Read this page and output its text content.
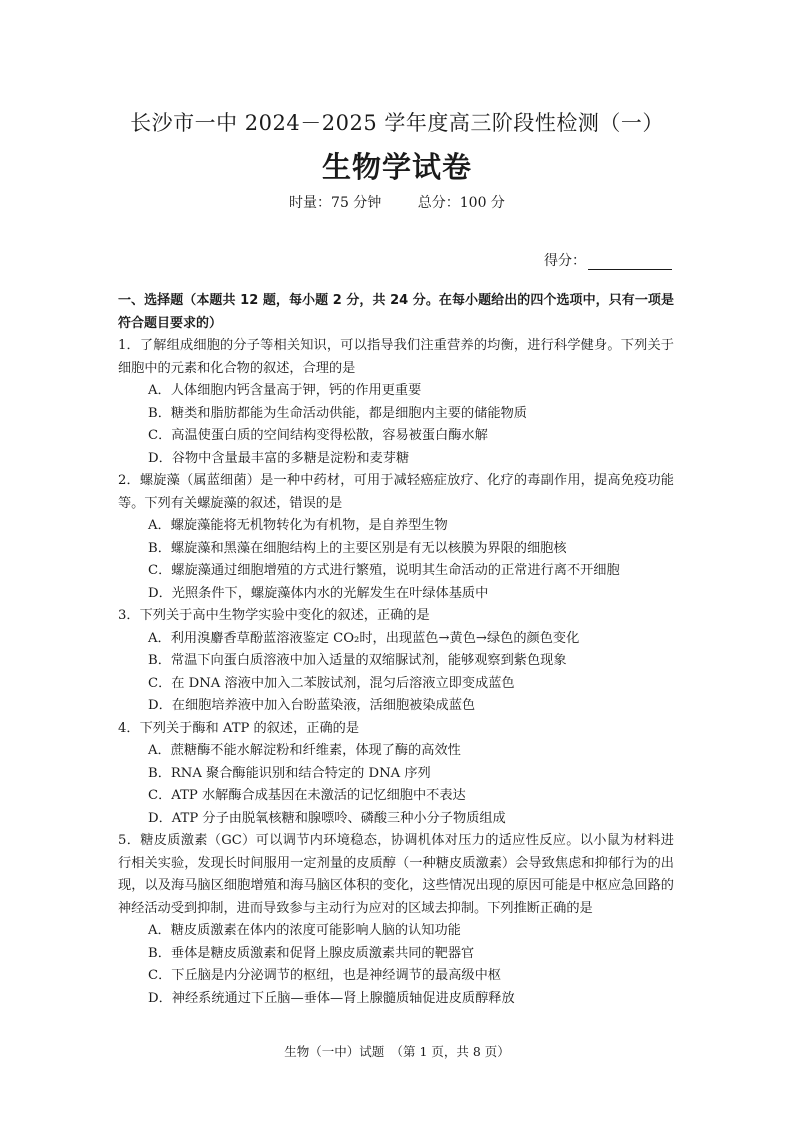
长沙市一中 2024－2025 学年度高三阶段性检测（一）
生物学试卷
时量：75 分钟	总分：100 分
得分：
一、选择题（本题共 12 题，每小题 2 分，共 24 分。在每小题给出的四个选项中，只有一项是符合题目要求的）
1．了解组成细胞的分子等相关知识，可以指导我们注重营养的均衡，进行科学健身。下列关于细胞中的元素和化合物的叙述，合理的是
A．人体细胞内钙含量高于钾，钙的作用更重要
B．糖类和脂肪都能为生命活动供能，都是细胞内主要的储能物质
C．高温使蛋白质的空间结构变得松散，容易被蛋白酶水解
D．谷物中含量最丰富的多糖是淀粉和麦芽糖
2．螺旋藻（属蓝细菌）是一种中药材，可用于减轻癌症放疗、化疗的毒副作用，提高免疫功能等。下列有关螺旋藻的叙述，错误的是
A．螺旋藻能将无机物转化为有机物，是自养型生物
B．螺旋藻和黑藻在细胞结构上的主要区别是有无以核膜为界限的细胞核
C．螺旋藻通过细胞增殖的方式进行繁殖，说明其生命活动的正常进行离不开细胞
D．光照条件下，螺旋藻体内水的光解发生在叶绿体基质中
3．下列关于高中生物学实验中变化的叙述，正确的是
A．利用溴麝香草酚蓝溶液鉴定 CO₂时，出现蓝色→黄色→绿色的颜色变化
B．常温下向蛋白质溶液中加入适量的双缩脲试剂，能够观察到紫色现象
C．在 DNA 溶液中加入二苯胺试剂，混匀后溶液立即变成蓝色
D．在细胞培养液中加入台盼蓝染液，活细胞被染成蓝色
4．下列关于酶和 ATP 的叙述，正确的是
A．蔗糖酶不能水解淀粉和纤维素，体现了酶的高效性
B．RNA 聚合酶能识别和结合特定的 DNA 序列
C．ATP 水解酶合成基因在未激活的记忆细胞中不表达
D．ATP 分子由脱氧核糖和腺嘌呤、磷酸三种小分子物质组成
5．糖皮质激素（GC）可以调节内环境稳态，协调机体对压力的适应性反应。以小鼠为材料进行相关实验，发现长时间服用一定剂量的皮质醇（一种糖皮质激素）会导致焦虑和抑郁行为的出现，以及海马脑区细胞增殖和海马脑区体积的变化，这些情况出现的原因可能是中枢应急回路的神经活动受到抑制，进而导致参与主动行为应对的区域去抑制。下列推断正确的是
A．糖皮质激素在体内的浓度可能影响人脑的认知功能
B．垂体是糖皮质激素和促肾上腺皮质激素共同的靶器官
C．下丘脑是内分泌调节的枢纽，也是神经调节的最高级中枢
D．神经系统通过下丘脑—垂体—肾上腺髓质轴促进皮质醇释放
生物（一中）试题　（第 1 页，共 8 页）
